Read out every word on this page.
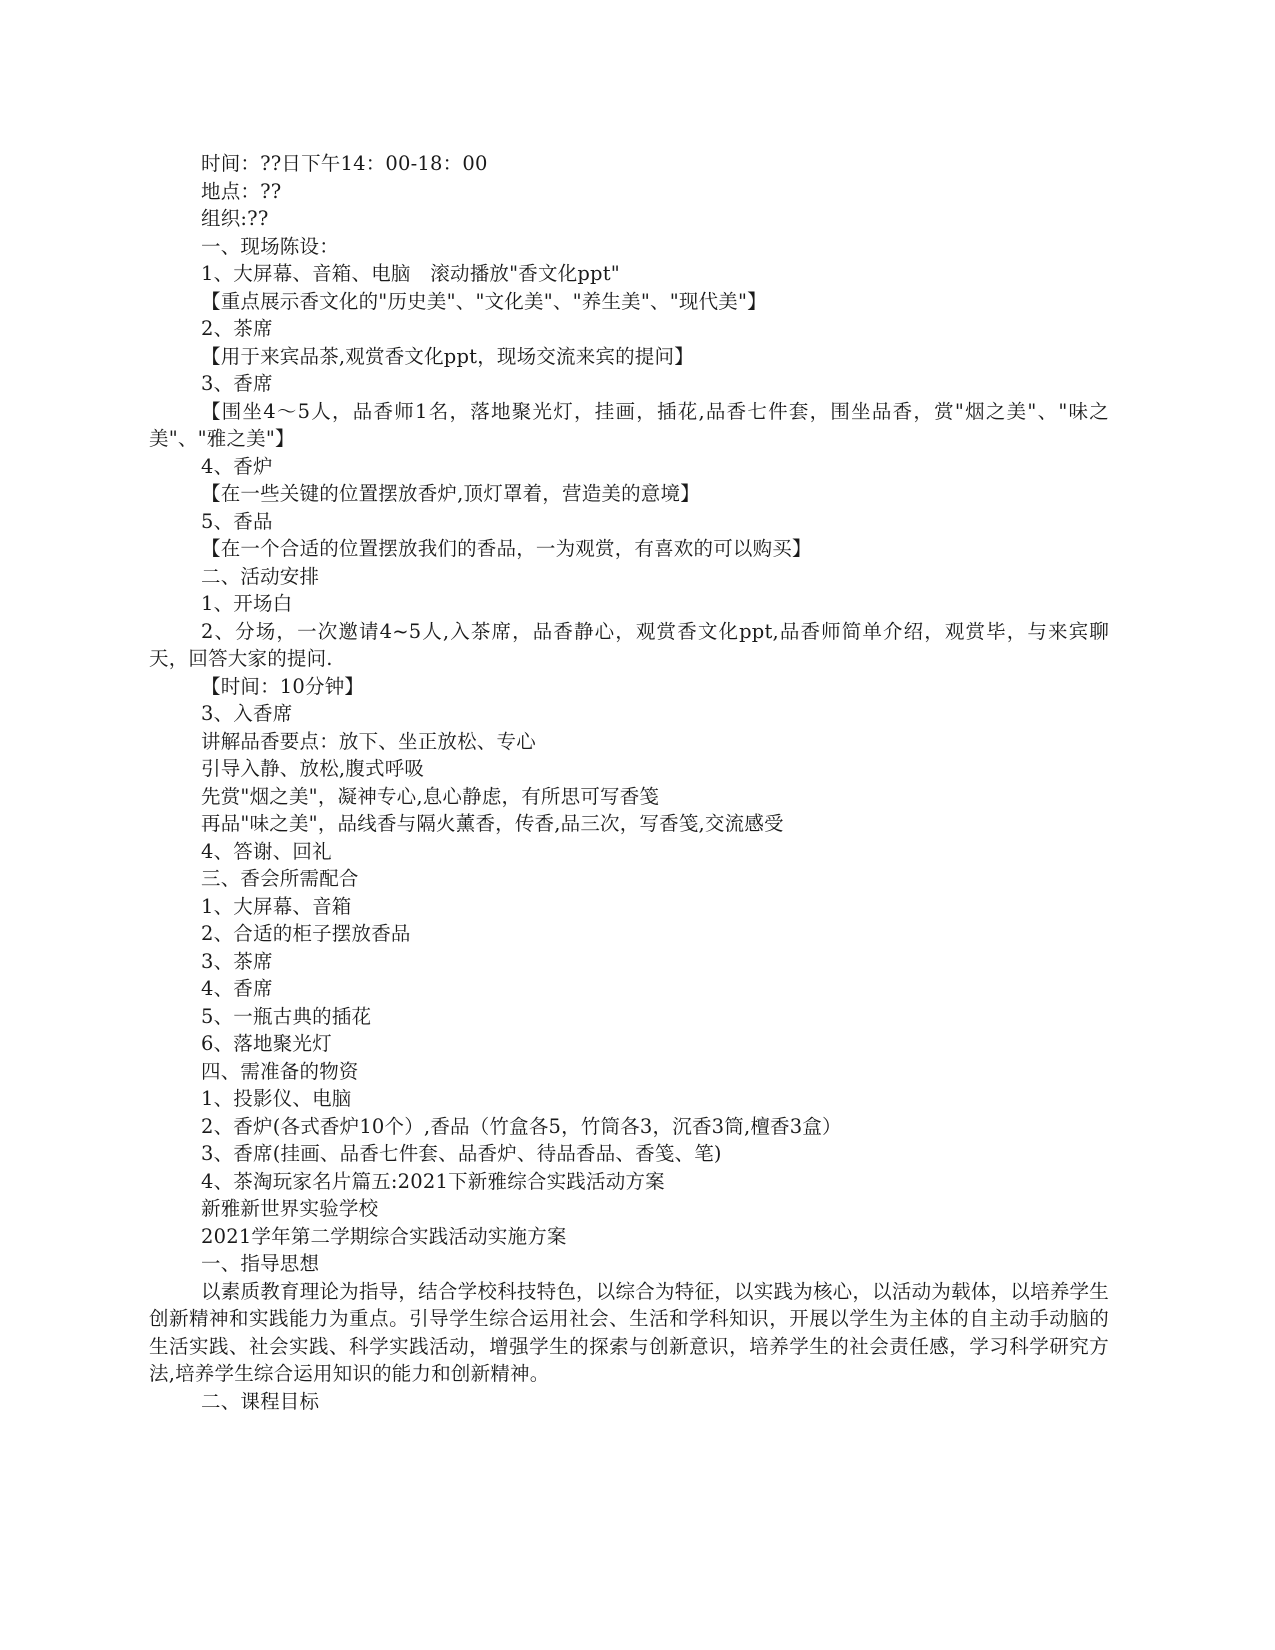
时间：??日下午14：00-18：00

地点：??

组织:??

一、现场陈设：

1、大屏幕、音箱、电脑　滚动播放"香文化ppt"

【重点展示香文化的"历史美"、"文化美"、"养生美"、"现代美"】

2、茶席

【用于来宾品茶,观赏香文化ppt，现场交流来宾的提问】

3、香席

【围坐4～5人，品香师1名，落地聚光灯，挂画，插花,品香七件套，围坐品香，赏"烟之美"、"味之美"、"雅之美"】

4、香炉

【在一些关键的位置摆放香炉,顶灯罩着，营造美的意境】

5、香品

【在一个合适的位置摆放我们的香品，一为观赏，有喜欢的可以购买】

二、活动安排

1、开场白

2、分场，一次邀请4~5人,入茶席，品香静心，观赏香文化ppt,品香师简单介绍，观赏毕，与来宾聊天，回答大家的提问.

【时间：10分钟】

3、入香席

讲解品香要点：放下、坐正放松、专心

引导入静、放松,腹式呼吸

先赏"烟之美"，凝神专心,息心静虑，有所思可写香笺

再品"味之美"，品线香与隔火薰香，传香,品三次，写香笺,交流感受

4、答谢、回礼

三、香会所需配合

1、大屏幕、音箱

2、合适的柜子摆放香品

3、茶席

4、香席

5、一瓶古典的插花

6、落地聚光灯

四、需准备的物资

1、投影仪、电脑

2、香炉(各式香炉10个）,香品（竹盒各5，竹筒各3，沉香3筒,檀香3盒）

3、香席(挂画、品香七件套、品香炉、待品香品、香笺、笔)

4、茶淘玩家名片篇五:2021下新雅综合实践活动方案

新雅新世界实验学校

2021学年第二学期综合实践活动实施方案

一、指导思想

以素质教育理论为指导，结合学校科技特色，以综合为特征，以实践为核心，以活动为载体，以培养学生创新精神和实践能力为重点。引导学生综合运用社会、生活和学科知识，开展以学生为主体的自主动手动脑的生活实践、社会实践、科学实践活动，增强学生的探索与创新意识，培养学生的社会责任感，学习科学研究方法,培养学生综合运用知识的能力和创新精神。

二、课程目标
